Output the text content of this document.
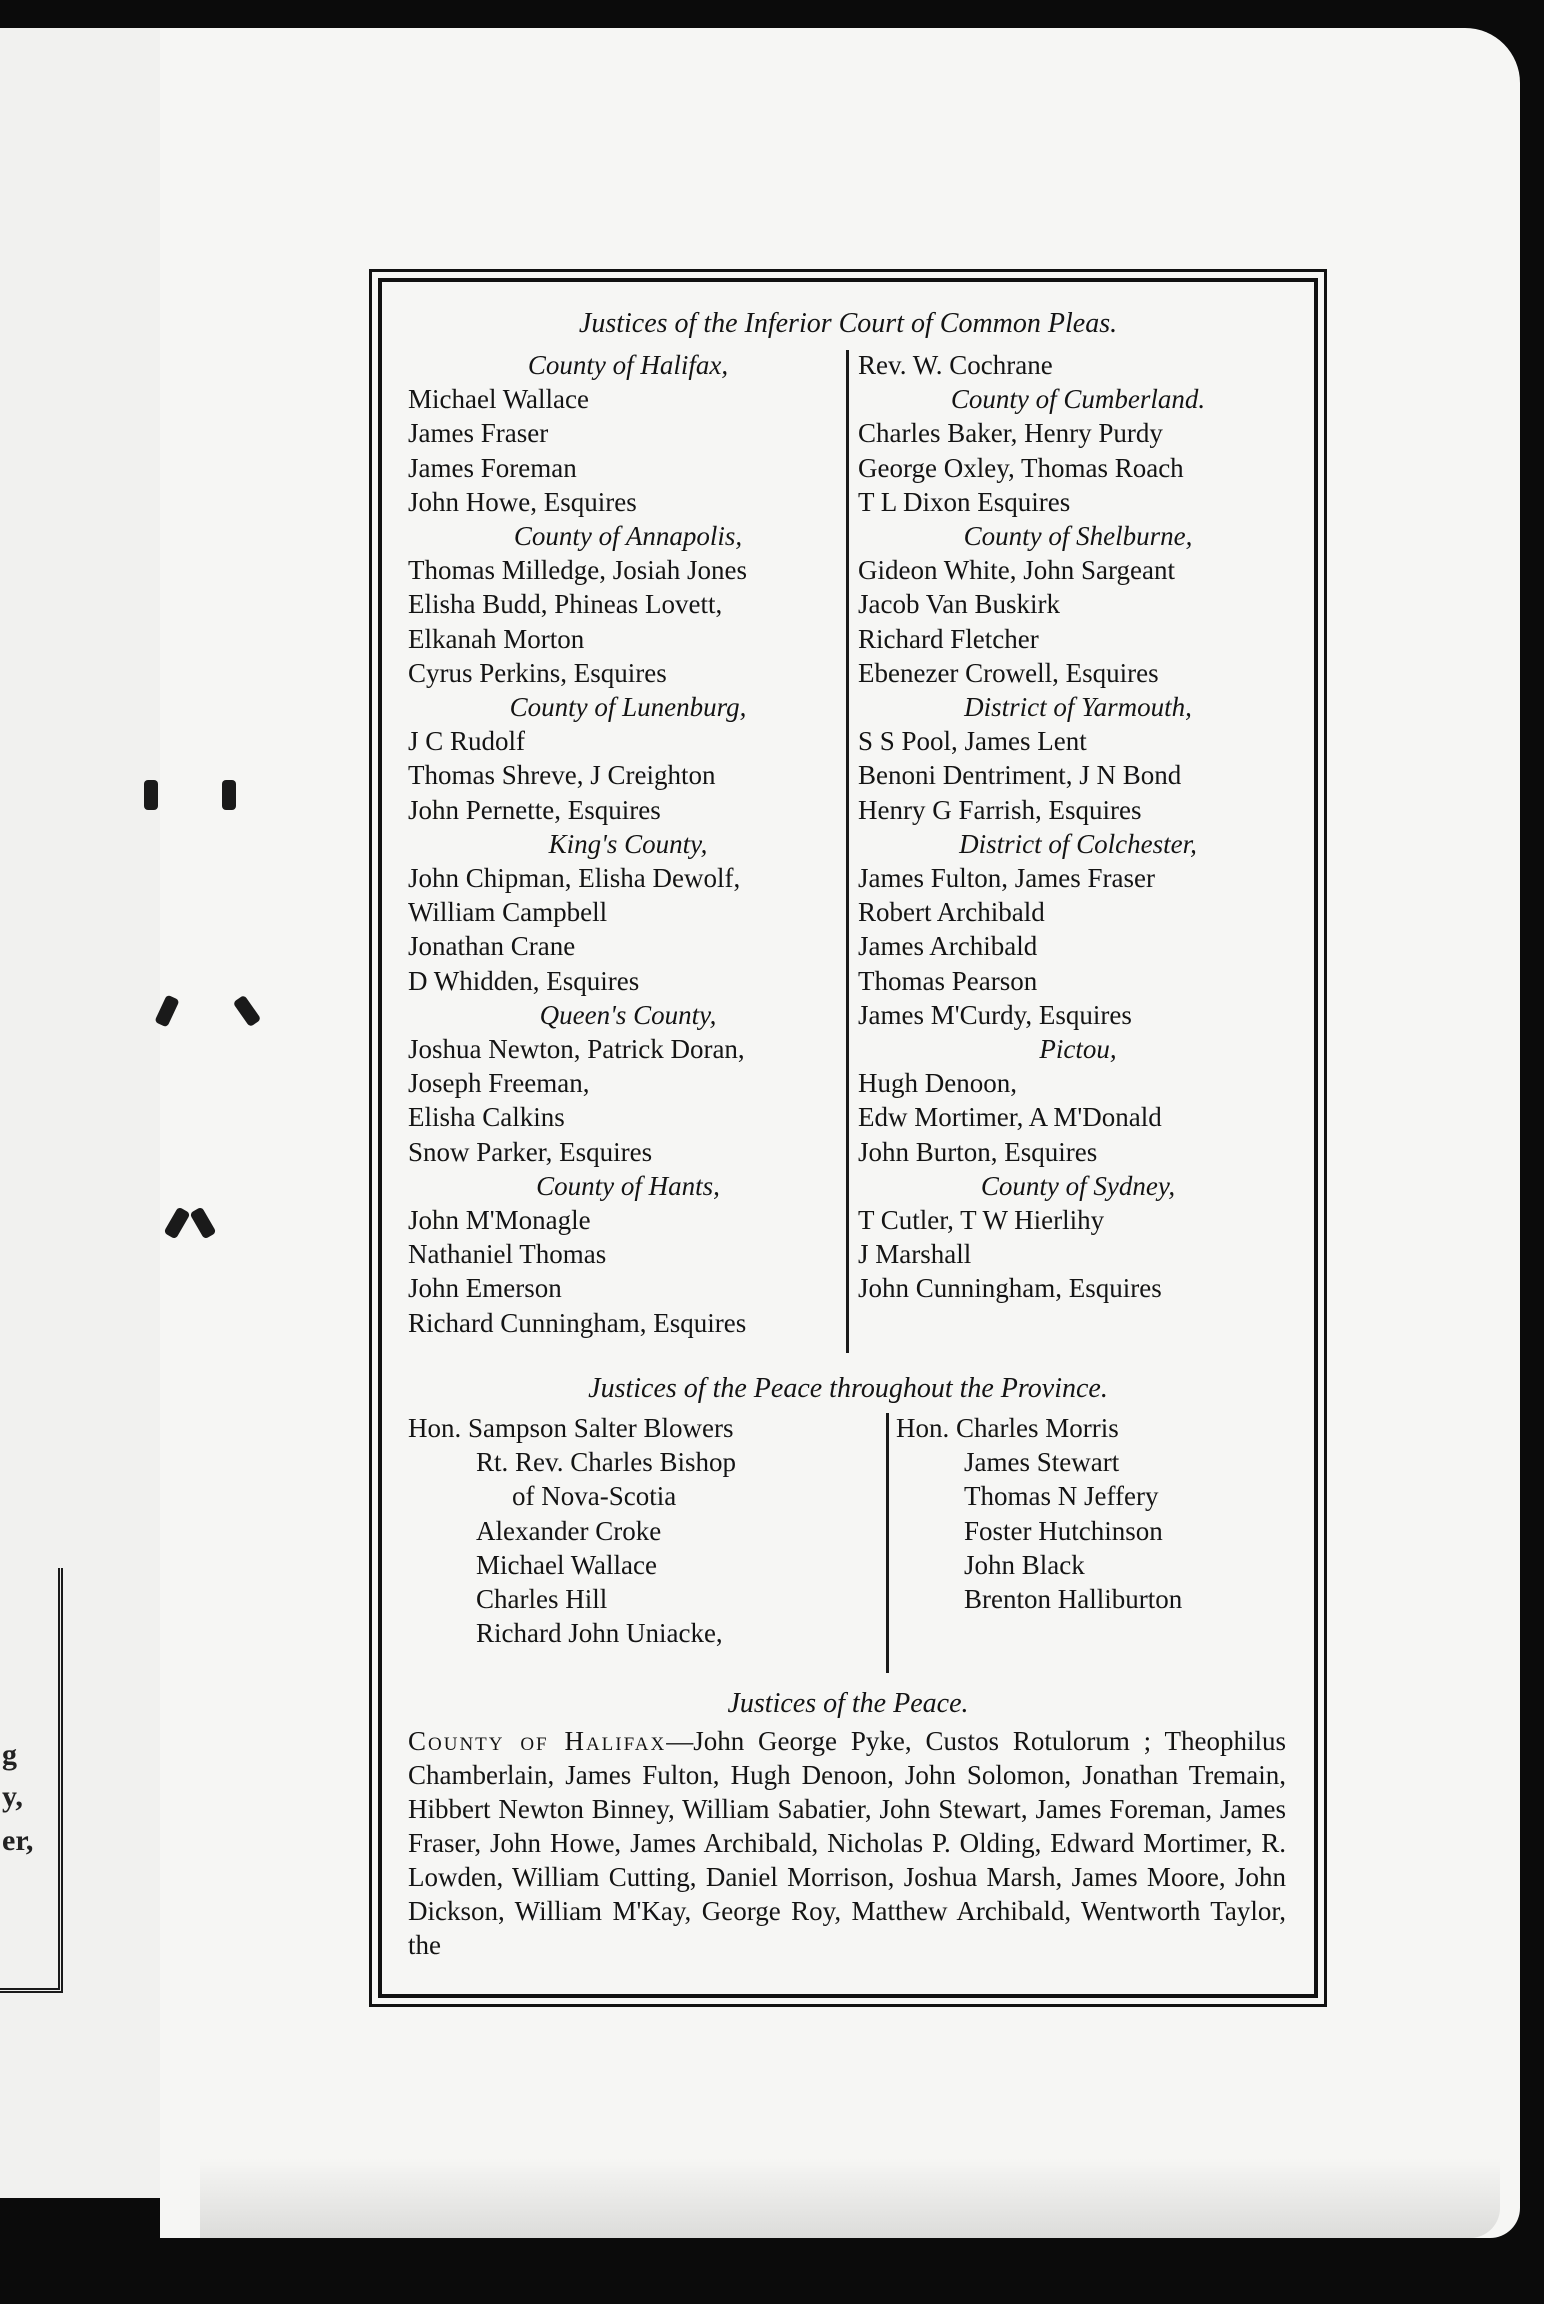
g
y,
er,
Justices of the Inferior Court of Common Pleas.
County of Halifax,
Michael Wallace
James Fraser
James Foreman
John Howe, Esquires
County of Annapolis,
Thomas Milledge, Josiah Jones
Elisha Budd, Phineas Lovett,
Elkanah Morton
Cyrus Perkins, Esquires
County of Lunenburg,
J C Rudolf
Thomas Shreve, J Creighton
John Pernette, Esquires
King's County,
John Chipman, Elisha Dewolf,
William Campbell
Jonathan Crane
D Whidden, Esquires
Queen's County,
Joshua Newton, Patrick Doran,
Joseph Freeman,
Elisha Calkins
Snow Parker, Esquires
County of Hants,
John M'Monagle
Nathaniel Thomas
John Emerson
Richard Cunningham, Esquires
Rev. W. Cochrane
County of Cumberland.
Charles Baker, Henry Purdy
George Oxley, Thomas Roach
T L Dixon Esquires
County of Shelburne,
Gideon White, John Sargeant
Jacob Van Buskirk
Richard Fletcher
Ebenezer Crowell, Esquires
District of Yarmouth,
S S Pool, James Lent
Benoni Dentriment, J N Bond
Henry G Farrish, Esquires
District of Colchester,
James Fulton, James Fraser
Robert Archibald
James Archibald
Thomas Pearson
James M'Curdy, Esquires
Pictou,
Hugh Denoon,
Edw Mortimer, A M'Donald
John Burton, Esquires
County of Sydney,
T Cutler, T W Hierlihy
J Marshall
John Cunningham, Esquires
Justices of the Peace throughout the Province.
Hon. Sampson Salter Blowers
Rt. Rev. Charles Bishop
of Nova-Scotia
Alexander Croke
Michael Wallace
Charles Hill
Richard John Uniacke,
Hon. Charles Morris
James Stewart
Thomas N Jeffery
Foster Hutchinson
John Black
Brenton Halliburton
Justices of the Peace.
County of Halifax—John George Pyke, Custos Rotulorum ; Theophilus Chamberlain, James Fulton, Hugh Denoon, John Solomon, Jonathan Tremain, Hibbert Newton Binney, William Sabatier, John Stewart, James Foreman, James Fraser, John Howe, James Archibald, Nicholas P. Olding, Edward Mortimer, R. Lowden, William Cutting, Daniel Morrison, Joshua Marsh, James Moore, John Dickson, William M'Kay, George Roy, Matthew Archibald, Wentworth Taylor, the
